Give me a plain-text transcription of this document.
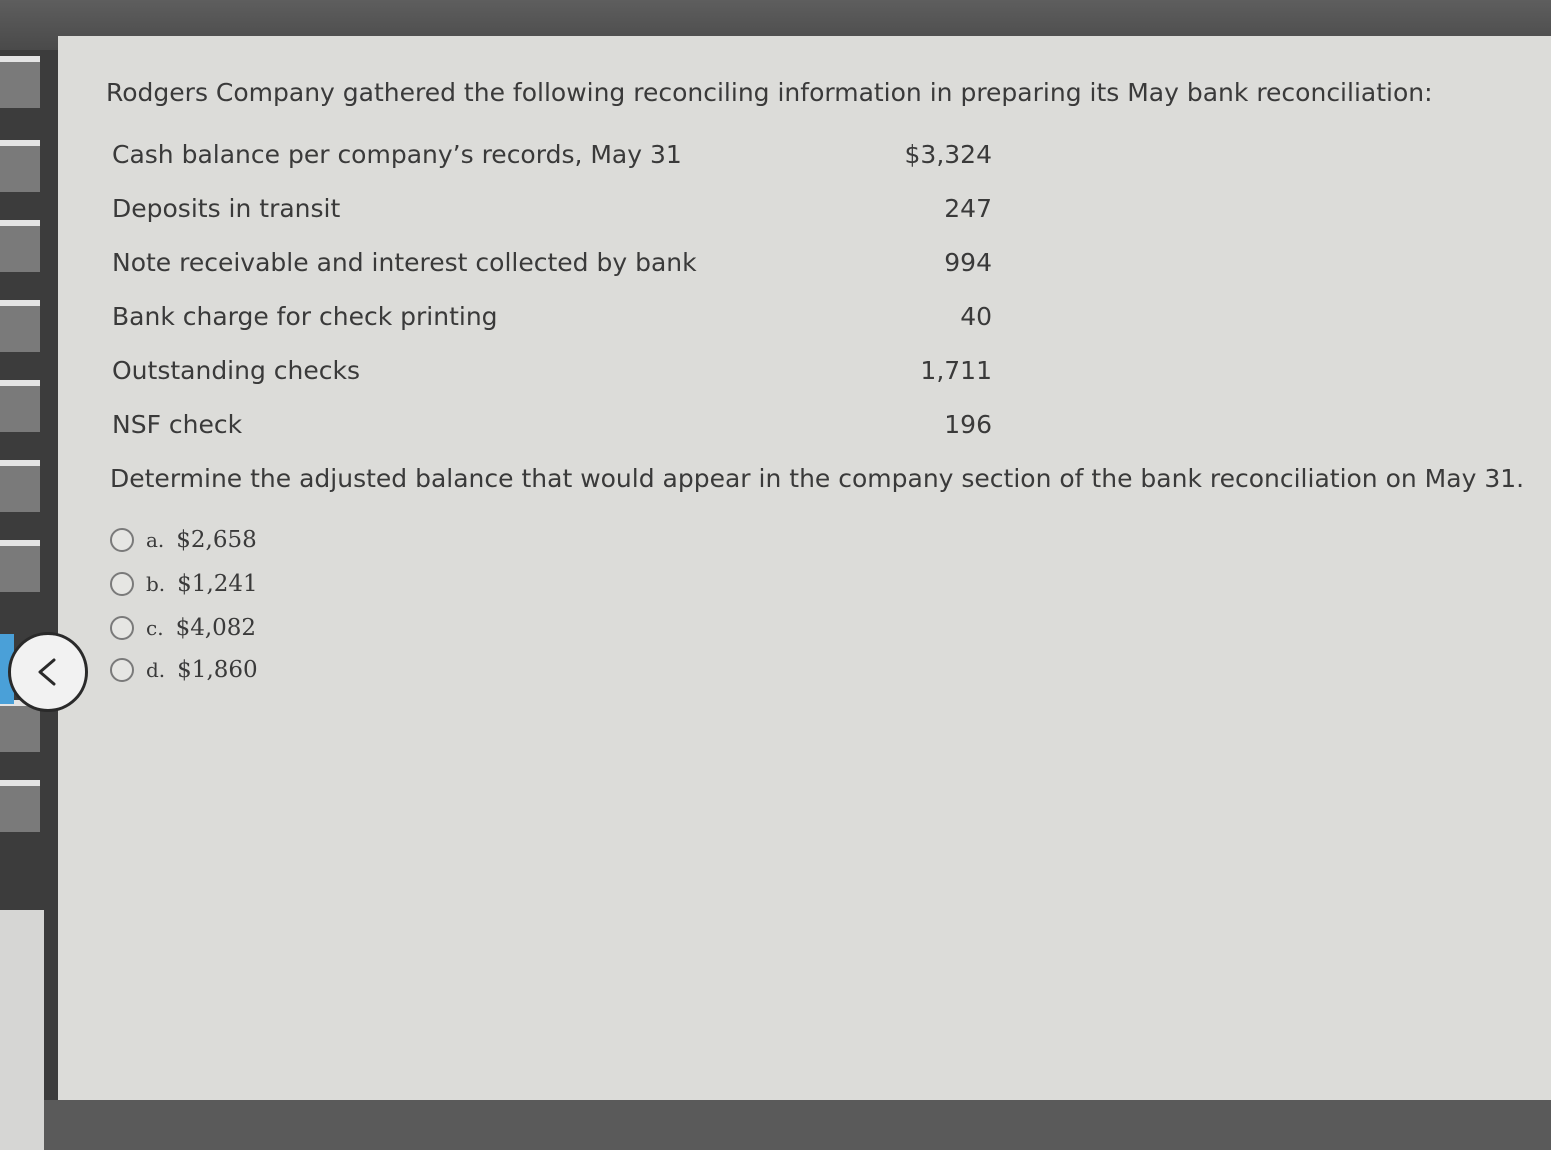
Rodgers Company gathered the following reconciling information in preparing its May bank reconciliation:
Cash balance per company’s records, May 31	$3,324
Deposits in transit	247
Note receivable and interest collected by bank	994
Bank charge for check printing	40
Outstanding checks	1,711
NSF check	196
Determine the adjusted balance that would appear in the company section of the bank reconciliation on May 31.
a. $2,658
b. $1,241
c. $4,082
d. $1,860
